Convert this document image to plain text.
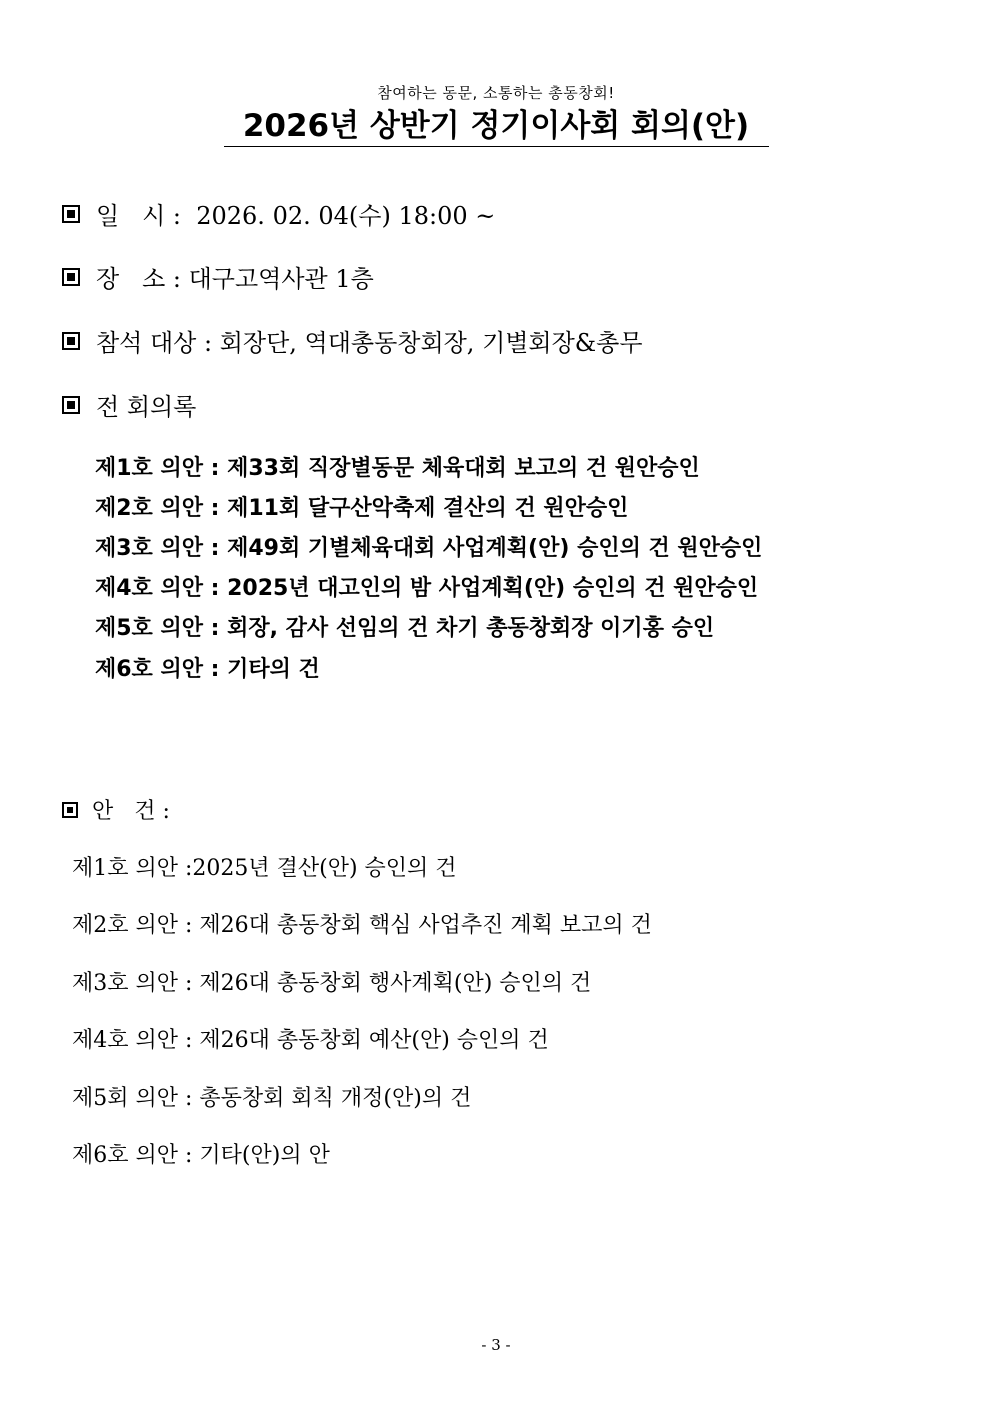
참여하는 동문, 소통하는 총동창회!
2026년 상반기 정기이사회 회의(안)
일   시 :  2026. 02. 04(수) 18:00 ~
장   소 : 대구고역사관 1층
참석 대상 : 회장단, 역대총동창회장, 기별회장&총무
전 회의록
제1호 의안 : 제33회 직장별동문 체육대회 보고의 건 원안승인
제2호 의안 : 제11회 달구산악축제 결산의 건 원안승인
제3호 의안 : 제49회 기별체육대회 사업계획(안) 승인의 건 원안승인
제4호 의안 : 2025년 대고인의 밤 사업계획(안) 승인의 건 원안승인
제5호 의안 : 회장, 감사 선임의 건 차기 총동창회장 이기홍 승인
제6호 의안 : 기타의 건
안   건 :
제1호 의안 :2025년 결산(안) 승인의 건
제2호 의안 : 제26대 총동창회 핵심 사업추진 계획 보고의 건
제3호 의안 : 제26대 총동창회 행사계획(안) 승인의 건
제4호 의안 : 제26대 총동창회 예산(안) 승인의 건
제5회 의안 : 총동창회 회칙 개정(안)의 건
제6호 의안 : 기타(안)의 안
- 3 -
